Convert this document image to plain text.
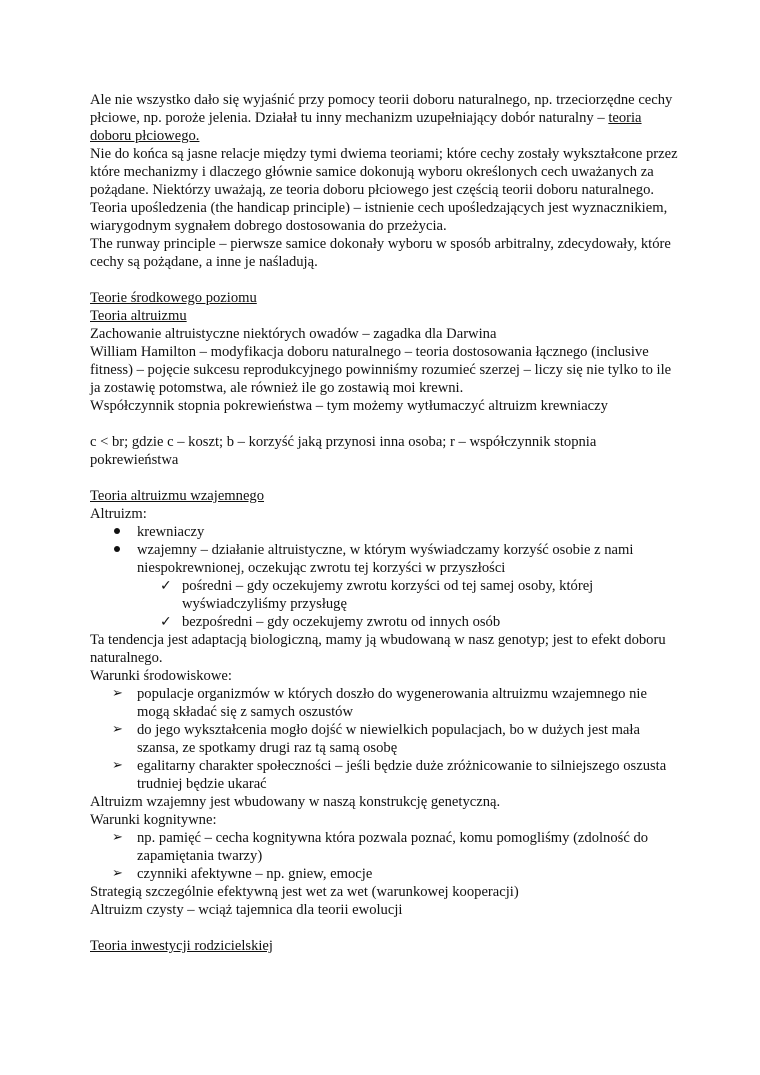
Ale nie wszystko dało się wyjaśnić przy pomocy teorii doboru naturalnego, np. trzeciorzędne cechy płciowe, np. poroże jelenia. Działał tu inny mechanizm uzupełniający dobór naturalny – teoria doboru płciowego.

Nie do końca są jasne relacje między tymi dwiema teoriami; które cechy zostały wykształcone przez które mechanizmy i dlaczego głównie samice dokonują wyboru określonych cech uważanych za pożądane. Niektórzy uważają, ze teoria doboru płciowego jest częścią teorii doboru naturalnego.

Teoria upośledzenia (the handicap principle) – istnienie cech upośledzających jest wyznacznikiem, wiarygodnym sygnałem dobrego dostosowania do przeżycia.

The runway principle – pierwsze samice dokonały wyboru w sposób arbitralny, zdecydowały, które cechy są pożądane, a inne je naśladują.

Teorie środkowego poziomu

Teoria altruizmu

Zachowanie altruistyczne niektórych owadów – zagadka dla Darwina

William Hamilton – modyfikacja doboru naturalnego – teoria dostosowania łącznego (inclusive fitness) – pojęcie sukcesu reprodukcyjnego powinniśmy rozumieć szerzej – liczy się nie tylko to ile ja zostawię potomstwa, ale również ile go zostawią moi krewni.

Współczynnik stopnia pokrewieństwa – tym możemy wytłumaczyć altruizm krewniaczy

c < br; gdzie c – koszt; b – korzyść jaką przynosi inna osoba; r – współczynnik stopnia pokrewieństwa

Teoria altruizmu wzajemnego

Altruizm:

krewniaczy
wzajemny – działanie altruistyczne, w którym wyświadczamy korzyść osobie z nami niespokrewnionej, oczekując zwrotu tej korzyści w przyszłości
✓ pośredni – gdy oczekujemy zwrotu korzyści od tej samej osoby, której wyświadczyliśmy przysługę
✓ bezpośredni – gdy oczekujemy zwrotu od innych osób

Ta tendencja jest adaptacją biologiczną, mamy ją wbudowaną w nasz genotyp; jest to efekt doboru naturalnego.

Warunki środowiskowe:

➢ populacje organizmów w których doszło do wygenerowania altruizmu wzajemnego nie mogą składać się z samych oszustów
➢ do jego wykształcenia mogło dojść w niewielkich populacjach, bo w dużych jest mała szansa, ze spotkamy drugi raz tą samą osobę
➢ egalitarny charakter społeczności – jeśli będzie duże zróżnicowanie to silniejszego oszusta trudniej będzie ukarać

Altruizm wzajemny jest wbudowany w naszą konstrukcję genetyczną.

Warunki kognitywne:

➢ np. pamięć – cecha kognitywna która pozwala poznać, komu pomogliśmy (zdolność do zapamiętania twarzy)
➢ czynniki afektywne – np. gniew, emocje

Strategią szczególnie efektywną jest wet za wet (warunkowej kooperacji)

Altruizm czysty – wciąż tajemnica dla teorii ewolucji

Teoria inwestycji rodzicielskiej
